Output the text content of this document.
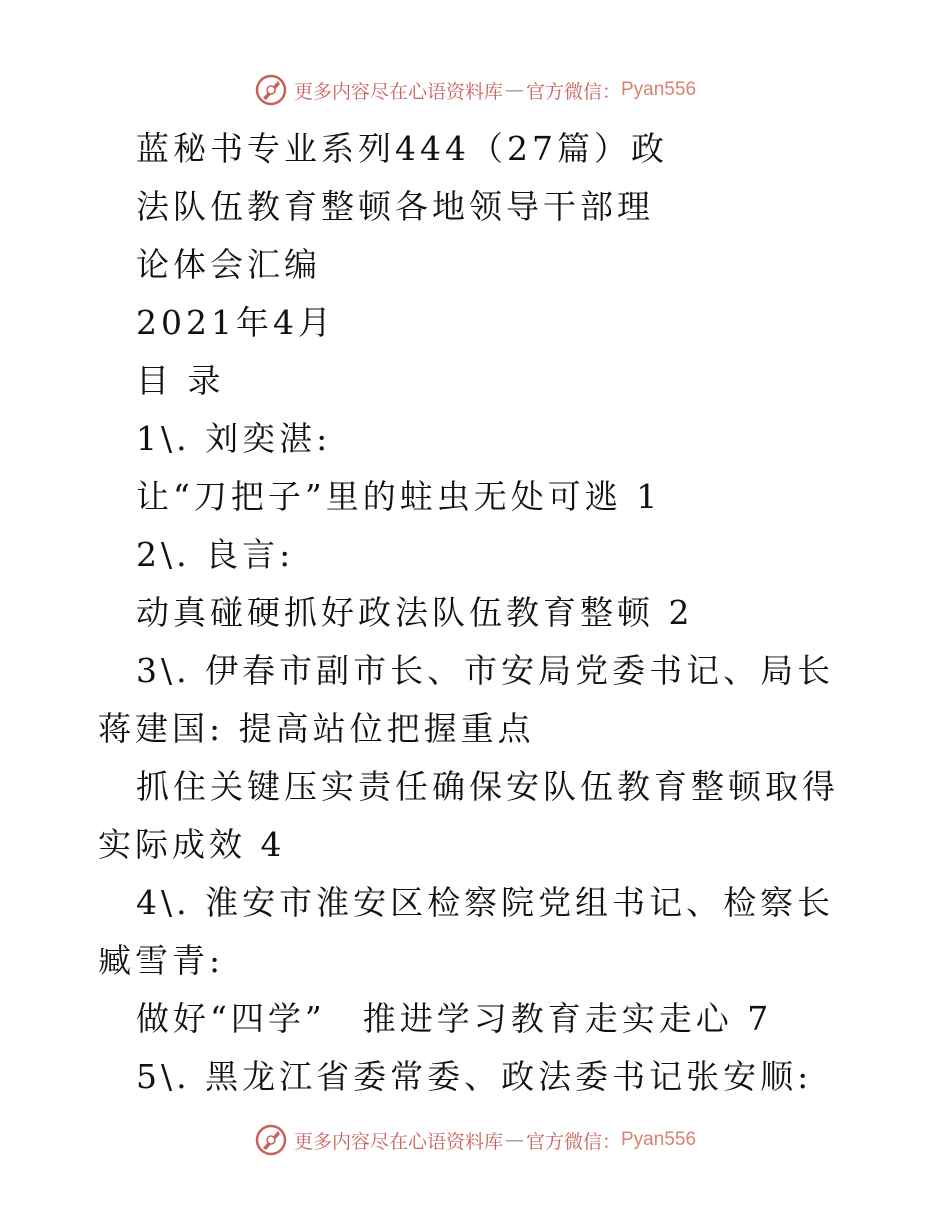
更多内容尽在心语资料库 — 官方微信： Pyan556
蓝秘书专业系列444（27篇）政
法队伍教育整顿各地领导干部理
论体会汇编
2021年4月
目 录
1\. 刘奕湛:
让“刀把子”里的蛀虫无处可逃 1
2\. 良言:
动真碰硬抓好政法队伍教育整顿 2

3\. 伊春市副市长、市安局党委书记、局长蒋建国: 提高站位把握重点

抓住关键压实责任确保安队伍教育整顿取得实际成效 4

4\. 淮安市淮安区检察院党组书记、检察长臧雪青:

做好“四学”　推进学习教育走实走心 7
5\. 黑龙江省委常委、政法委书记张安顺:
更多内容尽在心语资料库 — 官方微信： Pyan556
